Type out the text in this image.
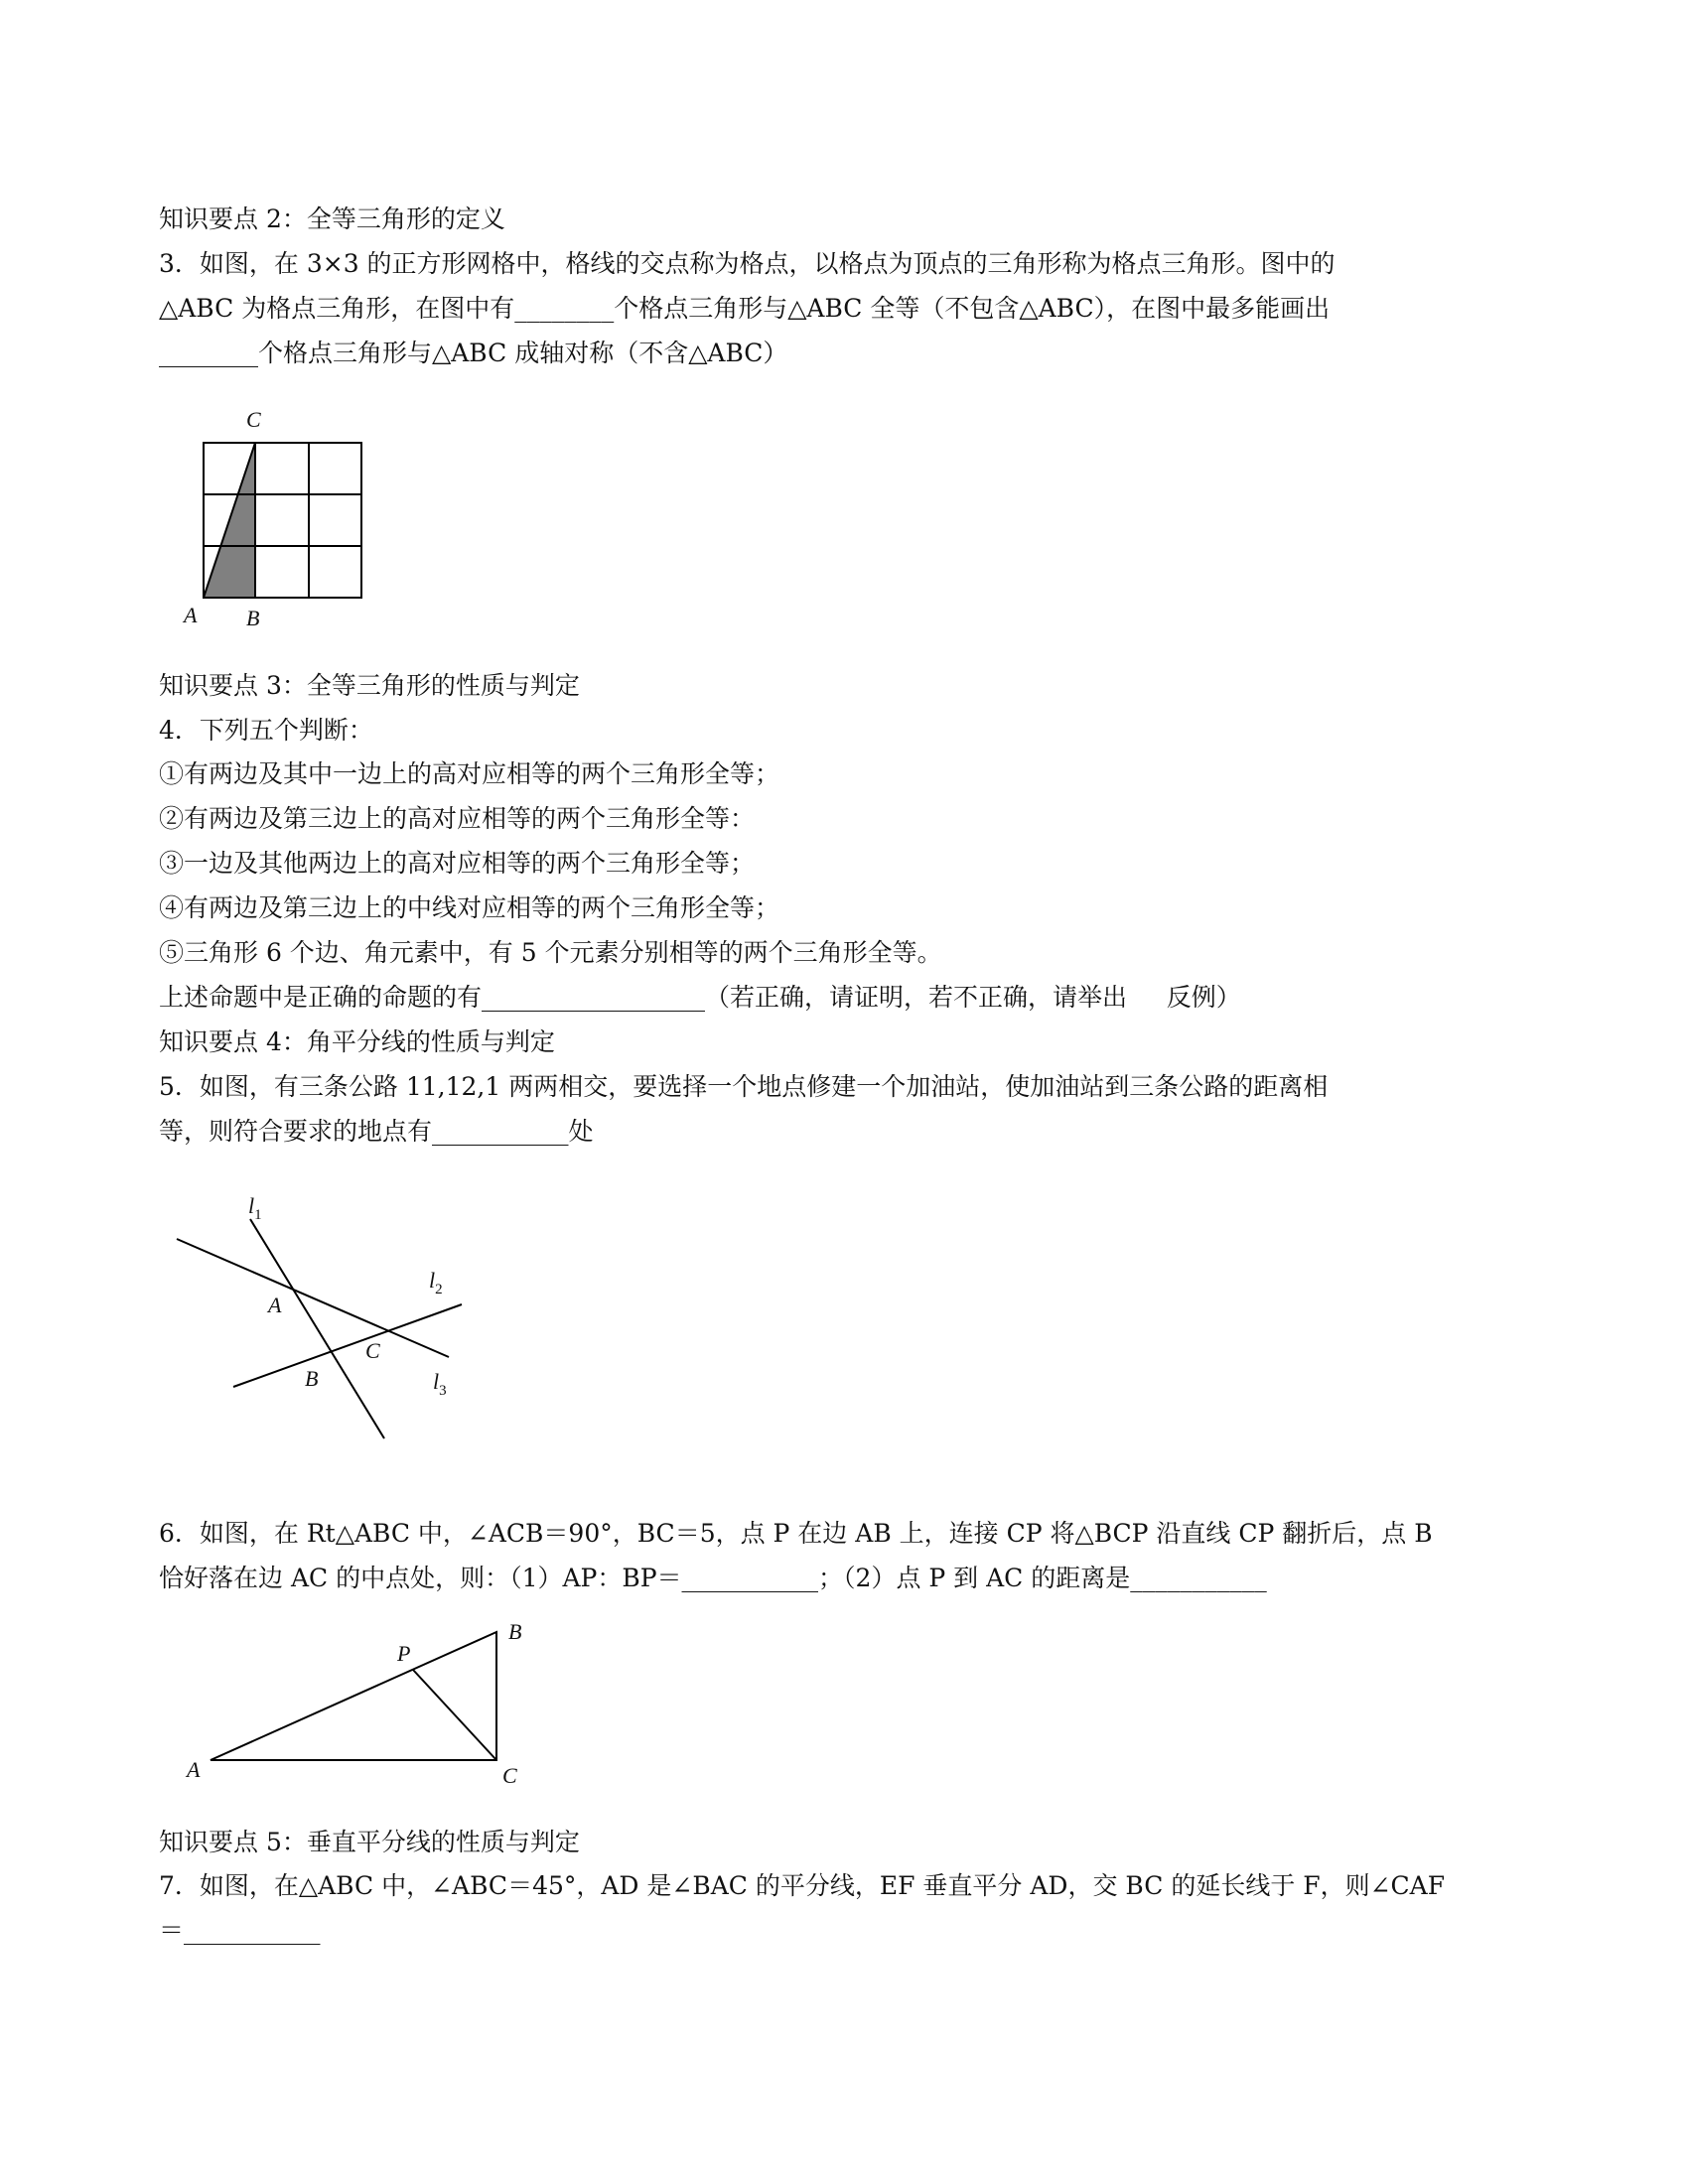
知识要点 2：全等三角形的定义
3．如图，在 3×3 的正方形网格中，格线的交点称为格点，以格点为顶点的三角形称为格点三角形。图中的
△ABC 为格点三角形，在图中有________个格点三角形与△ABC 全等（不包含△ABC），在图中最多能画出
________个格点三角形与△ABC 成轴对称（不含△ABC）
C
A B
知识要点 3：全等三角形的性质与判定
4．下列五个判断：
①有两边及其中一边上的高对应相等的两个三角形全等；
②有两边及第三边上的高对应相等的两个三角形全等：
③一边及其他两边上的高对应相等的两个三角形全等；
④有两边及第三边上的中线对应相等的两个三角形全等；
⑤三角形 6 个边、角元素中，有 5 个元素分别相等的两个三角形全等。
上述命题中是正确的命题的有__________________（若正确，请证明，若不正确，请举出     反例）
知识要点 4：角平分线的性质与判定
5．如图，有三条公路 11,12,1 两两相交，要选择一个地点修建一个加油站，使加油站到三条公路的距离相
等，则符合要求的地点有___________处
$l_1$
$l_2$
$l_3$
A
B
C
6．如图，在 Rt△ABC 中，∠ACB＝90°，BC＝5，点 P 在边 AB 上，连接 CP 将△BCP 沿直线 CP 翻折后，点 B
恰好落在边 AC 的中点处，则：（1）AP：BP＝___________；（2）点 P 到 AC 的距离是___________
A
B
C
P
知识要点 5：垂直平分线的性质与判定
7．如图，在△ABC 中，∠ABC＝45°，AD 是∠BAC 的平分线，EF 垂直平分 AD，交 BC 的延长线于 F，则∠CAF
＝___________
